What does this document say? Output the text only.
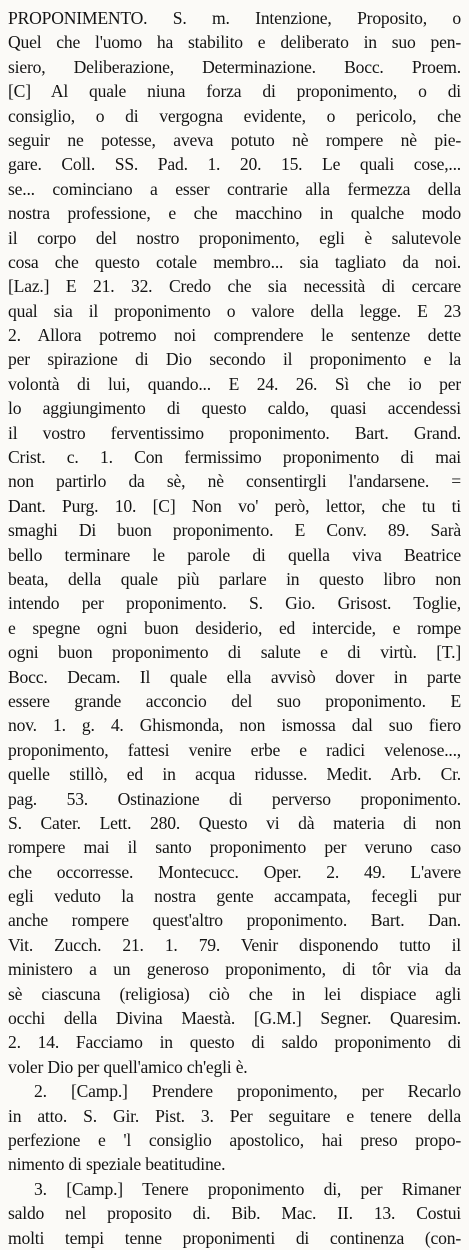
PROPONIMENTO. S. m. Intenzione, Proposito, o
Quel che l'uomo ha stabilito e deliberato in suo pen-
siero, Deliberazione, Determinazione. Bocc. Proem.
[C] Al quale niuna forza di proponimento, o di
consiglio, o di vergogna evidente, o pericolo, che
seguir ne potesse, aveva potuto nè rompere nè pie-
gare. Coll. SS. Pad. 1. 20. 15. Le quali cose,...
se... cominciano a esser contrarie alla fermezza della
nostra professione, e che macchino in qualche modo
il corpo del nostro proponimento, egli è salutevole
cosa che questo cotale membro... sia tagliato da noi.
[Laz.] E 21. 32. Credo che sia necessità di cercare
qual sia il proponimento o valore della legge. E 23
2. Allora potremo noi comprendere le sentenze dette
per spirazione di Dio secondo il proponimento e la
volontà di lui, quando... E 24. 26. Sì che io per
lo aggiungimento di questo caldo, quasi accendessi
il vostro ferventissimo proponimento. Bart. Grand.
Crist. c. 1. Con fermissimo proponimento di mai
non partirlo da sè, nè consentirgli l'andarsene. =
Dant. Purg. 10. [C] Non vo' però, lettor, che tu ti
smaghi Di buon proponimento. E Conv. 89. Sarà
bello terminare le parole di quella viva Beatrice
beata, della quale più parlare in questo libro non
intendo per proponimento. S. Gio. Grisost. Toglie,
e spegne ogni buon desiderio, ed intercide, e rompe
ogni buon proponimento di salute e di virtù. [T.]
Bocc. Decam. Il quale ella avvisò dover in parte
essere grande acconcio del suo proponimento. E
nov. 1. g. 4. Ghismonda, non ismossa dal suo fiero
proponimento, fattesi venire erbe e radici velenose...,
quelle stillò, ed in acqua ridusse. Medit. Arb. Cr.
pag. 53. Ostinazione di perverso proponimento.
S. Cater. Lett. 280. Questo vi dà materia di non
rompere mai il santo proponimento per veruno caso
che occorresse. Montecucc. Oper. 2. 49. L'avere
egli veduto la nostra gente accampata, fecegli pur
anche rompere quest'altro proponimento. Bart. Dan.
Vit. Zucch. 21. 1. 79. Venir disponendo tutto il
ministero a un generoso proponimento, di tôr via da
sè ciascuna (religiosa) ciò che in lei dispiace agli
occhi della Divina Maestà. [G.M.] Segner. Quaresim.
2. 14. Facciamo in questo di saldo proponimento di
voler Dio per quell'amico ch'egli è.
2. [Camp.] Prendere proponimento, per Recarlo
in atto. S. Gir. Pist. 3. Per seguitare e tenere della
perfezione e 'l consiglio apostolico, hai preso propo-
nimento di speziale beatitudine.
3. [Camp.] Tenere proponimento di, per Rimaner
saldo nel proposito di. Bib. Mac. II. 13. Costui
molti tempi tenne proponimenti di continenza (con-
